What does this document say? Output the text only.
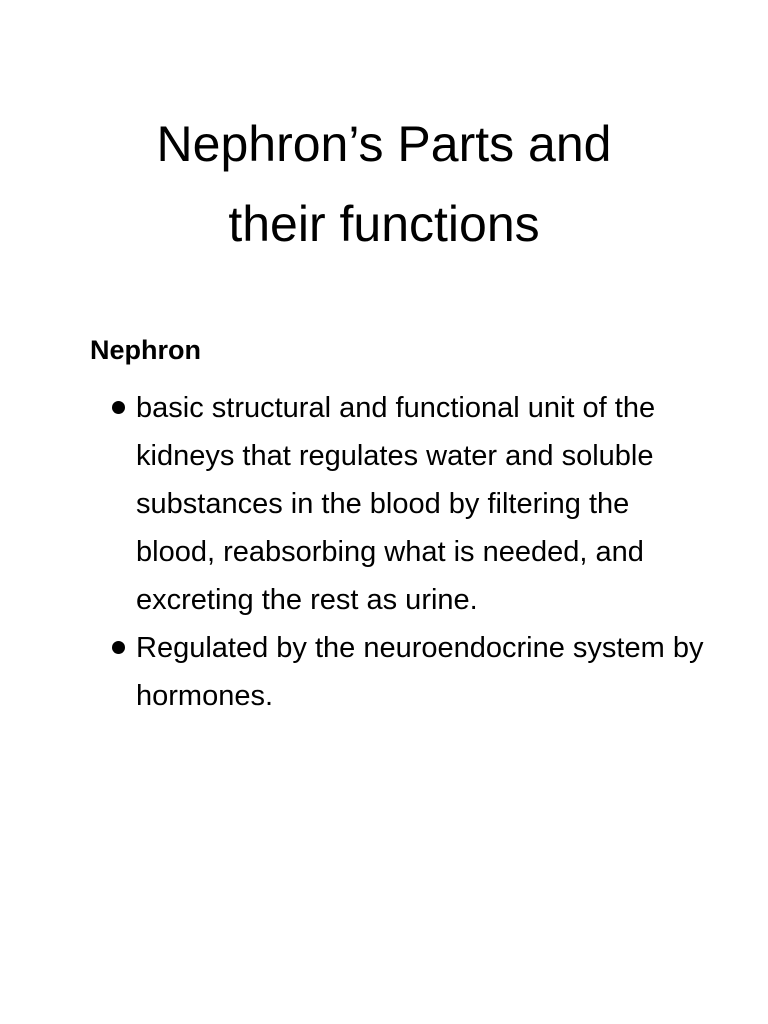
Nephron’s Parts and
their functions
Nephron
basic structural and functional unit of the kidneys that regulates water and soluble substances in the blood by filtering the blood, reabsorbing what is needed, and excreting the rest as urine.
Regulated by the neuroendocrine system by hormones.
